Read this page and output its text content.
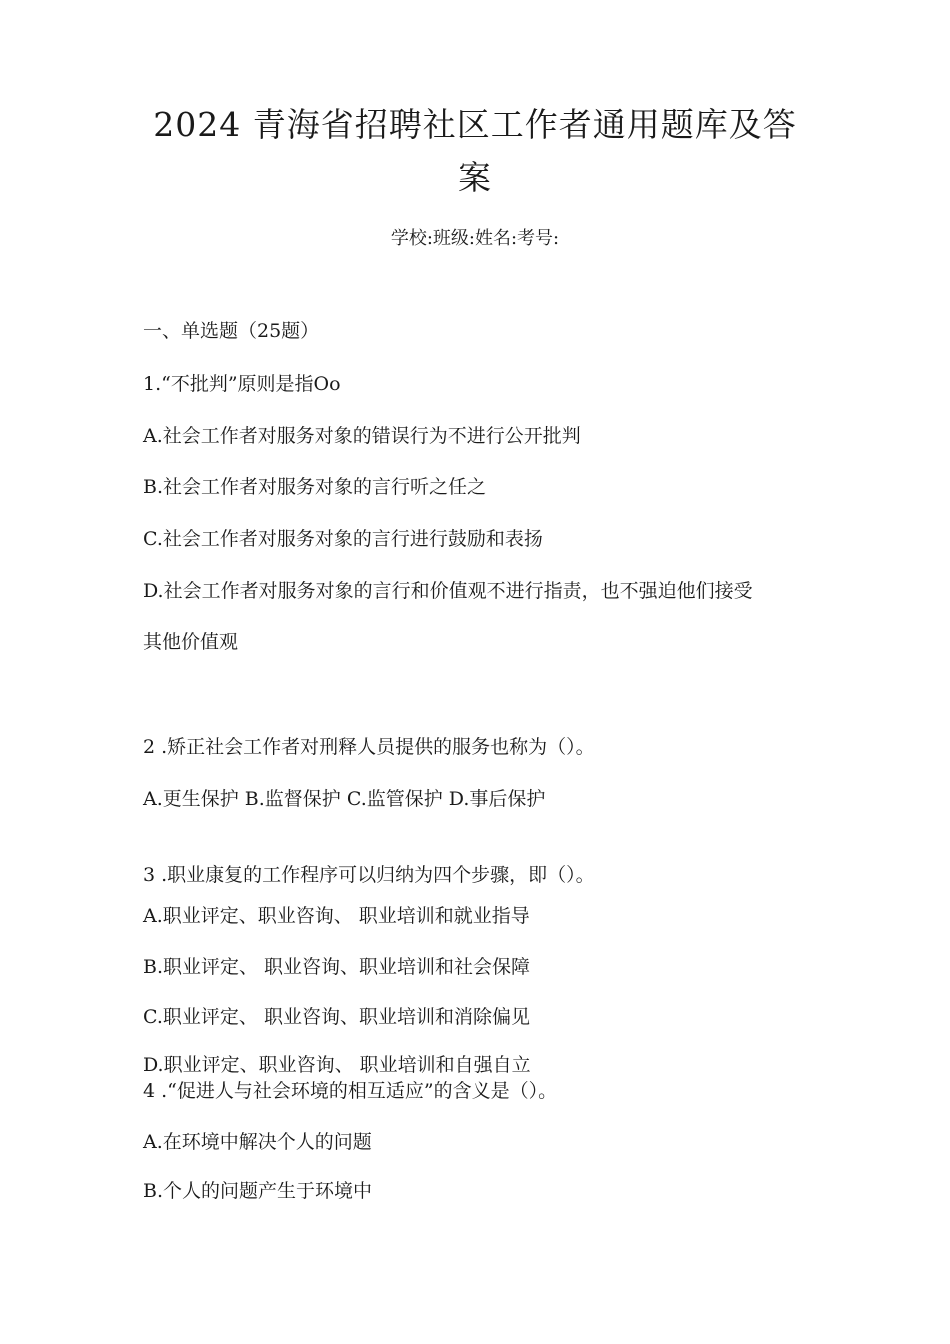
2024 青海省招聘社区工作者通用题库及答
案
学校:班级:姓名:考号:
一、单选题（25题）
1.“不批判”原则是指Oo
A.社会工作者对服务对象的错误行为不进行公开批判
B.社会工作者对服务对象的言行听之任之
C.社会工作者对服务对象的言行进行鼓励和表扬
D.社会工作者对服务对象的言行和价值观不进行指责，也不强迫他们接受
其他价值观
2 .矫正社会工作者对刑释人员提供的服务也称为（）。
A.更生保护 B.监督保护 C.监管保护 D.事后保护
3 .职业康复的工作程序可以归纳为四个步骤，即（）。
A.职业评定、职业咨询、 职业培训和就业指导
B.职业评定、 职业咨询、职业培训和社会保障
C.职业评定、 职业咨询、职业培训和消除偏见
D.职业评定、职业咨询、 职业培训和自强自立
4 .“促进人与社会环境的相互适应”的含义是（）。
A.在环境中解决个人的问题
B.个人的问题产生于环境中
